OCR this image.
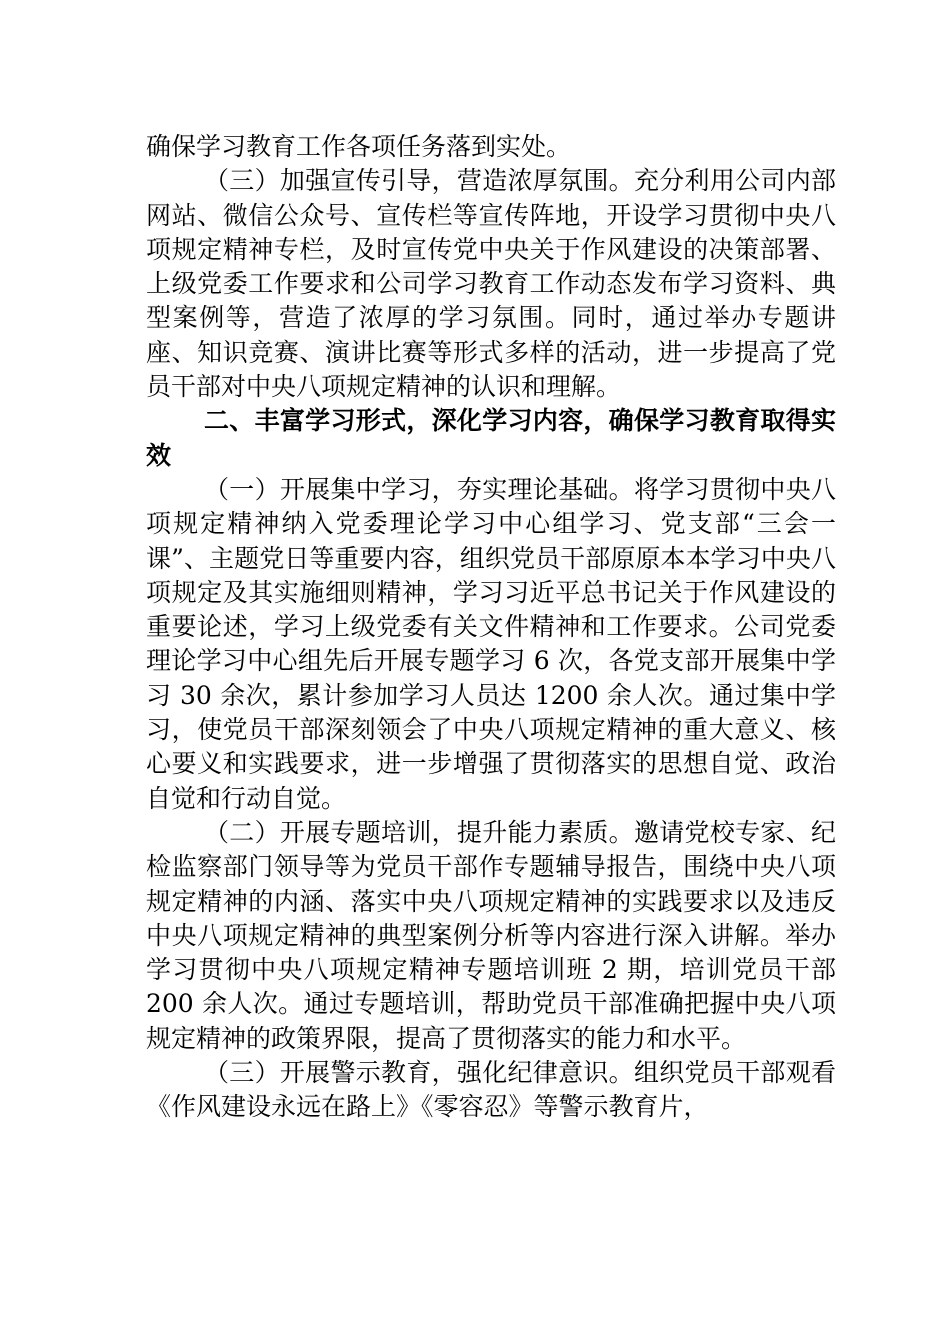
确保学习教育工作各项任务落到实处。

（三）加强宣传引导，营造浓厚氛围。充分利用公司内部网站、微信公众号、宣传栏等宣传阵地，开设学习贯彻中央八项规定精神专栏，及时宣传党中央关于作风建设的决策部署、上级党委工作要求和公司学习教育工作动态发布学习资料、典型案例等，营造了浓厚的学习氛围。同时，通过举办专题讲座、知识竞赛、演讲比赛等形式多样的活动，进一步提高了党员干部对中央八项规定精神的认识和理解。

二、丰富学习形式，深化学习内容，确保学习教育取得实效

（一）开展集中学习，夯实理论基础。将学习贯彻中央八项规定精神纳入党委理论学习中心组学习、党支部“三会一课”、主题党日等重要内容，组织党员干部原原本本学习中央八项规定及其实施细则精神，学习习近平总书记关于作风建设的重要论述，学习上级党委有关文件精神和工作要求。公司党委理论学习中心组先后开展专题学习 6 次，各党支部开展集中学习 30 余次，累计参加学习人员达 1200 余人次。通过集中学习，使党员干部深刻领会了中央八项规定精神的重大意义、核心要义和实践要求，进一步增强了贯彻落实的思想自觉、政治自觉和行动自觉。

（二）开展专题培训，提升能力素质。邀请党校专家、纪检监察部门领导等为党员干部作专题辅导报告，围绕中央八项规定精神的内涵、落实中央八项规定精神的实践要求以及违反中央八项规定精神的典型案例分析等内容进行深入讲解。举办学习贯彻中央八项规定精神专题培训班 2 期，培训党员干部 200 余人次。通过专题培训，帮助党员干部准确把握中央八项规定精神的政策界限，提高了贯彻落实的能力和水平。

（三）开展警示教育，强化纪律意识。组织党员干部观看《作风建设永远在路上》《零容忍》等警示教育片，
